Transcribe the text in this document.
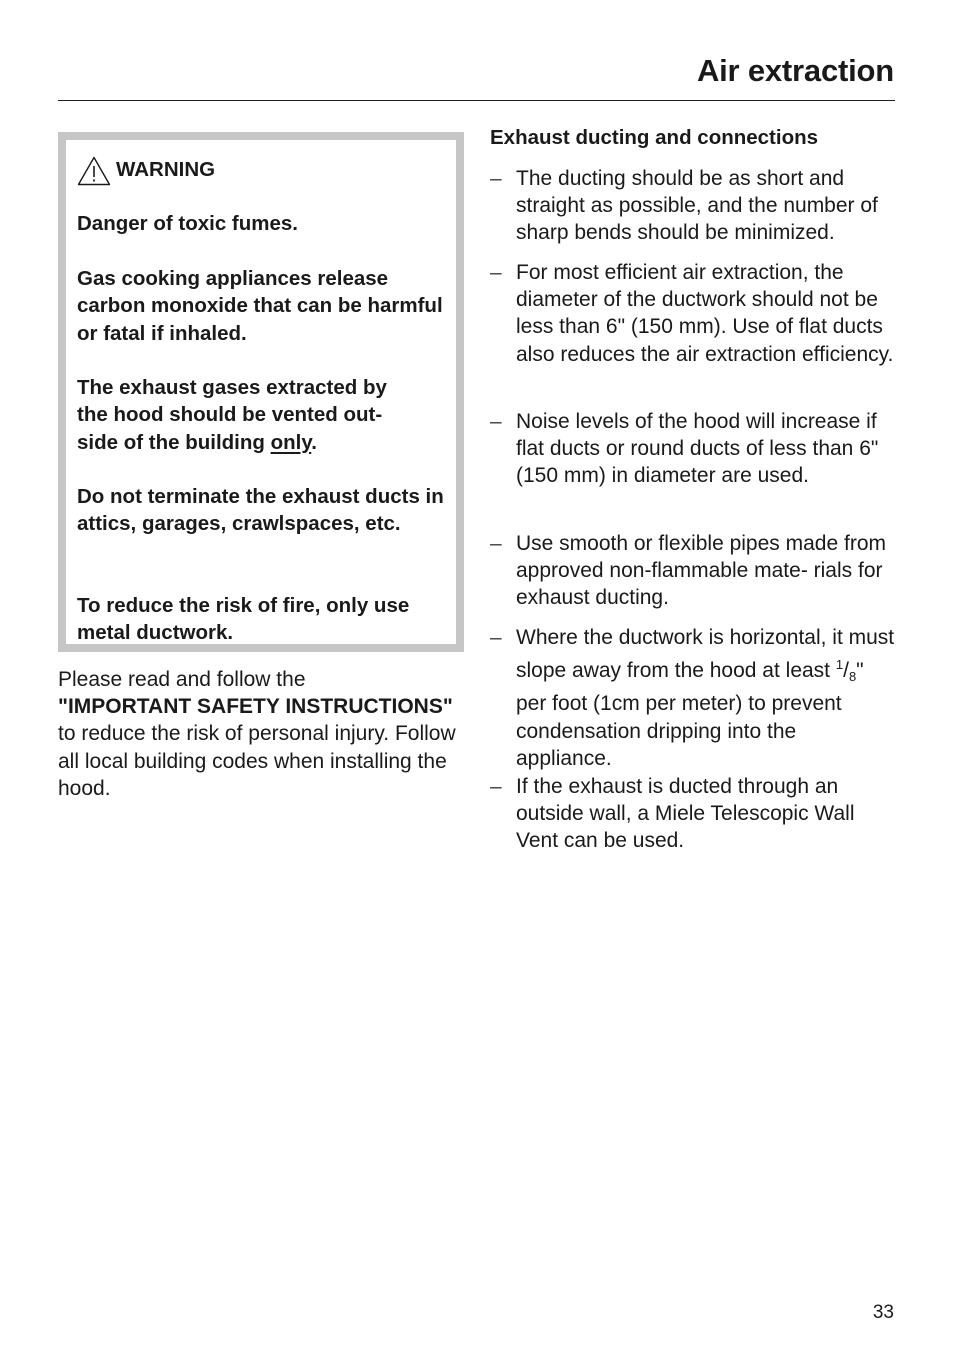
Air extraction
WARNING

Danger of toxic fumes.

Gas cooking appliances release carbon monoxide that can be harmful or fatal if inhaled.

The exhaust gases extracted by
the hood should be vented out-
side of the building only.

Do not terminate the exhaust ducts in attics, garages, crawlspaces, etc.

To reduce the risk of fire, only use metal ductwork.

Please read and follow the
"IMPORTANT SAFETY INSTRUCTIONS" to reduce the risk of personal injury. Follow all local building codes when installing the hood.

Exhaust ducting and connections
– The ducting should be as short and straight as possible, and the number of sharp bends should be minimized.

– For most efficient air extraction, the diameter of the ductwork should not be less than 6" (150 mm). Use of flat ducts also reduces the air extraction efficiency.

– Noise levels of the hood will increase if flat ducts or round ducts of less than 6" (150 mm) in diameter are used.

– Use smooth or flexible pipes made from approved non-flammable mate- rials for exhaust ducting.

– Where the ductwork is horizontal, it must slope away from the hood at least $^1$/8" per foot (1cm per meter) to prevent condensation dripping into the appliance.

– If the exhaust is ducted through an outside wall, a Miele Telescopic Wall Vent can be used.

33
